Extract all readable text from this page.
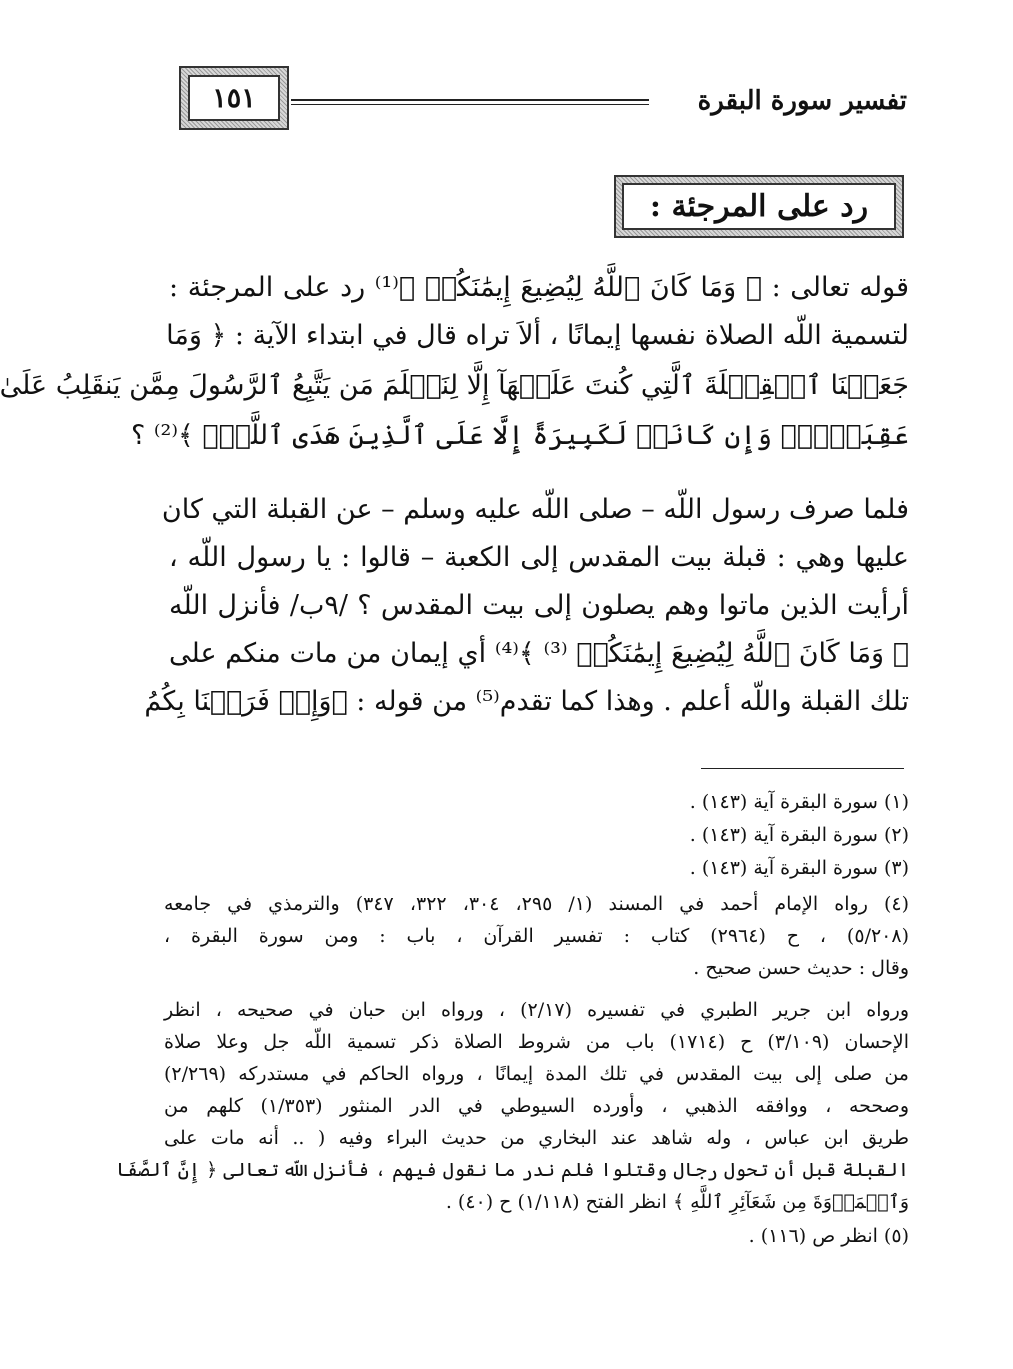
تفسير سورة البقرة
١٥١
رد على المرجئة :
قوله تعالى : ﴿ وَمَا كَانَ ٱللَّهُ لِيُضِيعَ إِيمَٰنَكُمۡ ﴾⁽¹⁾ رد على المرجئة :
لتسمية اللّه الصلاة نفسها إيمانًا ، ألاَ تراه قال في ابتداء الآية : ﴿ وَمَا
جَعَلۡنَا ٱلۡقِبۡلَةَ ٱلَّتِي كُنتَ عَلَيۡهَآ إِلَّا لِنَعۡلَمَ مَن يَتَّبِعُ ٱلرَّسُولَ مِمَّن يَنقَلِبُ عَلَىٰ
عَقِبَيۡهِۚ وَإِن كَانَتۡ لَكَبِيرَةً إِلَّا عَلَى ٱلَّذِينَ هَدَى ٱللَّهُۗ ﴾⁽²⁾ ؟
فلما صرف رسول اللّه – صلى اللّه عليه وسلم – عن القبلة التي كان
عليها وهي : قبلة بيت المقدس إلى الكعبة – قالوا : يا رسول اللّه ،
أرأيت الذين ماتوا وهم يصلون إلى بيت المقدس ؟ /٩ب/ فأنزل اللّه
﴿ وَمَا كَانَ ٱللَّهُ لِيُضِيعَ إِيمَٰنَكُمۡ ⁽³⁾ ﴾⁽⁴⁾ أي إيمان من مات منكم على
تلك القبلة واللّه أعلم . وهذا كما تقدم⁽⁵⁾ من قوله : ﴿وَإِذۡ فَرَقۡنَا بِكُمُ
(١) سورة البقرة آية (١٤٣) .
(٢) سورة البقرة آية (١٤٣) .
(٣) سورة البقرة آية (١٤٣) .
(٤) رواه الإمام أحمد في المسند (١/ ٢٩٥، ٣٠٤، ٣٢٢، ٣٤٧) والترمذي في جامعه
(٥/٢٠٨) ، ح (٢٩٦٤) كتاب : تفسير القرآن ، باب : ومن سورة البقرة ،
وقال : حديث حسن صحيح .
ورواه ابن جرير الطبري في تفسيره (٢/١٧) ، ورواه ابن حبان في صحيحه ، انظر
الإحسان (٣/١٠٩) ح (١٧١٤) باب من شروط الصلاة ذكر تسمية اللّه جل وعلا صلاة
من صلى إلى بيت المقدس في تلك المدة إيمانًا ، ورواه الحاكم في مستدركه (٢/٢٦٩)
وصححه ، ووافقه الذهبي ، وأورده السيوطي في الدر المنثور (١/٣٥٣) كلهم من
طريق ابن عباس ، وله شاهد عند البخاري من حديث البراء وفيه ( .. أنه مات على
القبلة قبل أن تحول رجال وقتلوا فلم ندر ما نقول فيهم ، فأنزل اللّه تعالى ﴿ إِنَّ ٱلصَّفَا
وَٱلۡمَرۡوَةَ مِن شَعَآئِرِ ٱللَّهِ ﴾ انظر الفتح (١/١١٨) ح (٤٠) .
(٥) انظر ص (١١٦) .
